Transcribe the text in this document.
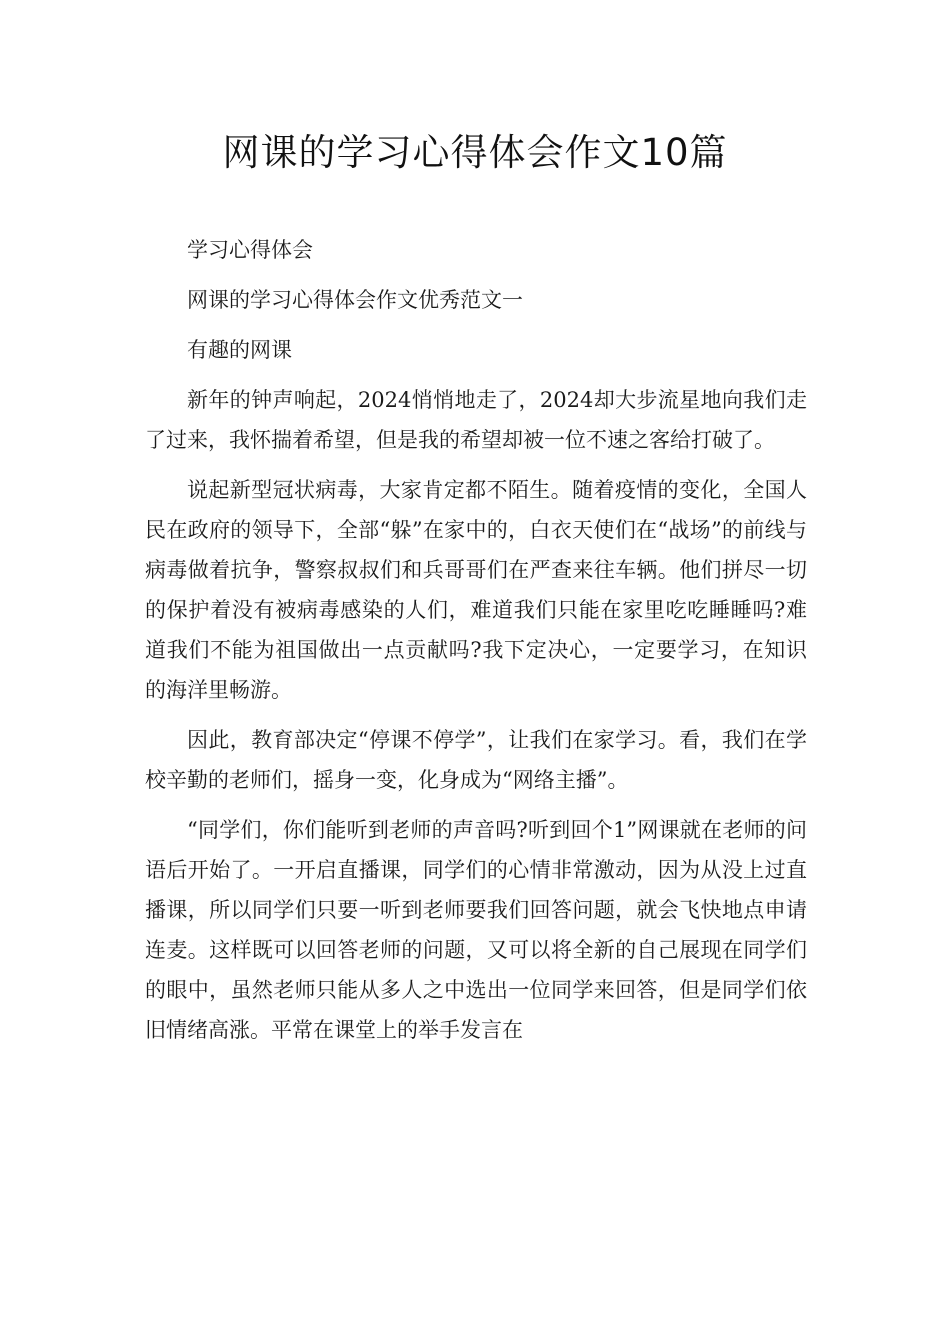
网课的学习心得体会作文10篇

学习心得体会

网课的学习心得体会作文优秀范文一

有趣的网课

新年的钟声响起，2024悄悄地走了，2024却大步流星地向我们走了过来，我怀揣着希望，但是我的希望却被一位不速之客给打破了。

说起新型冠状病毒，大家肯定都不陌生。随着疫情的变化，全国人民在政府的领导下，全部“躲”在家中的，白衣天使们在“战场”的前线与病毒做着抗争，警察叔叔们和兵哥哥们在严查来往车辆。他们拼尽一切的保护着没有被病毒感染的人们，难道我们只能在家里吃吃睡睡吗?难道我们不能为祖国做出一点贡献吗?我下定决心，一定要学习，在知识的海洋里畅游。

因此，教育部决定“停课不停学”，让我们在家学习。看，我们在学校辛勤的老师们，摇身一变，化身成为“网络主播”。

“同学们，你们能听到老师的声音吗?听到回个1”网课就在老师的问语后开始了。一开启直播课，同学们的心情非常激动，因为从没上过直播课，所以同学们只要一听到老师要我们回答问题，就会飞快地点申请连麦。这样既可以回答老师的问题，又可以将全新的自己展现在同学们的眼中，虽然老师只能从多人之中选出一位同学来回答，但是同学们依旧情绪高涨。平常在课堂上的举手发言在
